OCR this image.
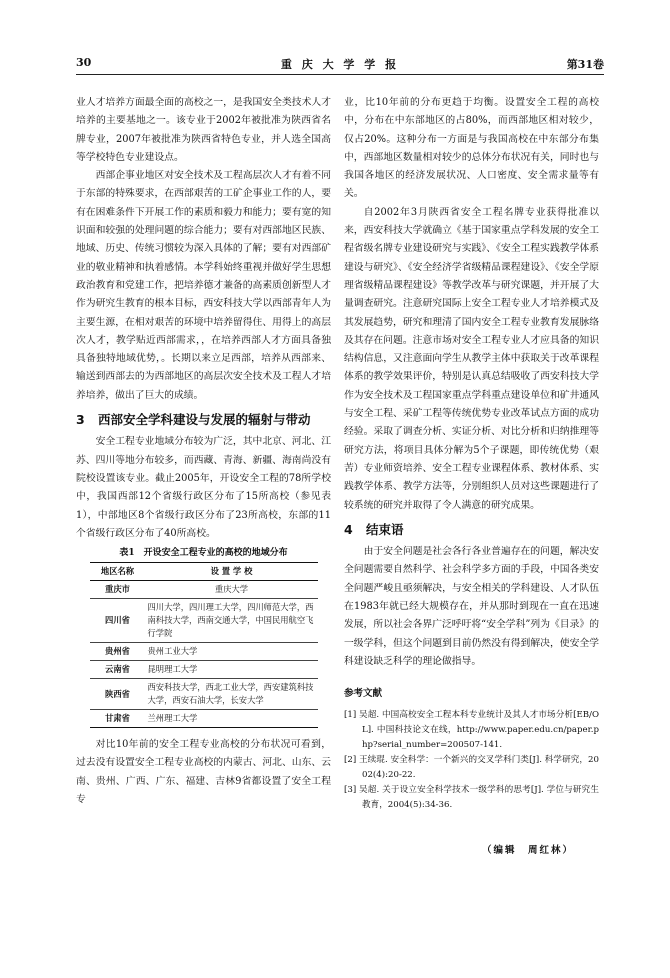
30	重 庆 大 学 学 报	第31卷

业人才培养方面最全面的高校之一，是我国安全类技术人才培养的主要基地之一。该专业于2002年被批准为陕西省名牌专业，2007年被批准为陕西省特色专业，并人选全国高等学校特色专业建设点。

西部企事业地区对安全技术及工程高层次人才有着不同于东部的特殊要求，在西部艰苦的工矿企事业工作的人，要有在困难条件下开展工作的素质和毅力和能力；要有宽的知识面和较强的处理问题的综合能力；要有对西部地区民族、地域、历史、传统习惯较为深入具体的了解；要有对西部矿业的敬业精神和执着感情。本学科始终重视并做好学生思想政治教育和党建工作，把培养德才兼备的高素质创新型人才作为研究生教育的根本目标，西安科技大学以西部青年人为主要生源，在相对艰苦的环境中培养留得住、用得上的高层次人才，教学贴近西部需求，，在培养西部人才方面具备独具备独特地域优势，。长期以来立足西部，培养从西部来、输送到西部去的为西部地区的高层次安全技术及工程人才培养培养，做出了巨大的成绩。

3 西部安全学科建设与发展的辐射与带动

安全工程专业地域分布较为广泛，其中北京、河北、江苏、四川等地分布较多，而西藏、青海、新疆、海南尚没有院校设置该专业。截止2005年，开设安全工程的78所学校中，我国西部12个省级行政区分布了15所高校（参见表1），中部地区8个省级行政区分布了23所高校，东部的11个省级行政区分布了40所高校。

表1　开设安全工程专业的高校的地域分布
地区名称	设 置 学 校
重庆市	重庆大学
四川省	四川大学，四川理工大学，四川师范大学，西南科技大学，西南交通大学，中国民用航空飞行学院
贵州省	贵州工业大学
云南省	昆明理工大学
陕西省	西安科技大学，西北工业大学，西安建筑科技大学，西安石油大学，长安大学
甘肃省	兰州理工大学

对比10年前的安全工程专业高校的分布状况可看到，过去没有设置安全工程专业高校的内蒙古、河北、山东、云南、贵州、广西、广东、福建、吉林9省都设置了安全工程专

业，比10年前的分布更趋于均衡。设置安全工程的高校中，分布在中东部地区的占80%，而西部地区相对较少，仅占20%。这种分布一方面是与我国高校在中东部分布集中，西部地区数量相对较少的总体分布状况有关，同时也与我国各地区的经济发展状况、人口密度、安全需求量等有关。

自2002年3月陕西省安全工程名牌专业获得批准以来，西安科技大学就确立《基于国家重点学科发展的安全工程省级名牌专业建设研究与实践》、《安全工程实践教学体系建设与研究》、《安全经济学省级精品课程建设》、《安全学原理省级精品课程建设》等教学改革与研究课题，并开展了大量调查研究。注意研究国际上安全工程专业人才培养模式及其发展趋势，研究和理清了国内安全工程专业教育发展脉络及其存在问题。注意市场对安全工程专业人才应具备的知识结构信息，又注意面向学生从教学主体中获取关于改革课程体系的教学效果评价，特别是认真总结吸收了西安科技大学作为安全技术及工程国家重点学科重点建设单位和矿井通风与安全工程、采矿工程等传统优势专业改革试点方面的成功经验。采取了调查分析、实证分析、对比分析和归纳推理等研究方法，将项目具体分解为5个子课题，即传统优势（艰苦）专业师资培养、安全工程专业课程体系、教材体系、实践教学体系、教学方法等，分别组织人员对这些课题进行了较系统的研究并取得了令人满意的研究成果。

4 结束语

由于安全问题是社会各行各业普遍存在的问题，解决安全问题需要自然科学、社会科学多方面的手段，中国各类安全问题严峻且亟须解决，与安全相关的学科建设、人才队伍在1983年就已经大规模存在，并从那时到现在一直在迅速发展，所以社会各界广泛呼吁将“安全学科”列为《目录》的一级学科，但这个问题到目前仍然没有得到解决，使安全学科建设缺乏科学的理论做指导。

参考文献

[1] 吴超. 中国高校安全工程本科专业统计及其人才市场分析[EB/OL]. 中国科技论文在线，http://www.paper.edu.cn/paper.php?serial_number=200507-141.

[2] 王续琨. 安全科学：一个新兴的交叉学科门类[J]. 科学研究，2002(4):20-22.

[3] 吴超. 关于设立安全科学技术一级学科的思考[J]. 学位与研究生教育，2004(5):34-36.

（编辑　周红林）
